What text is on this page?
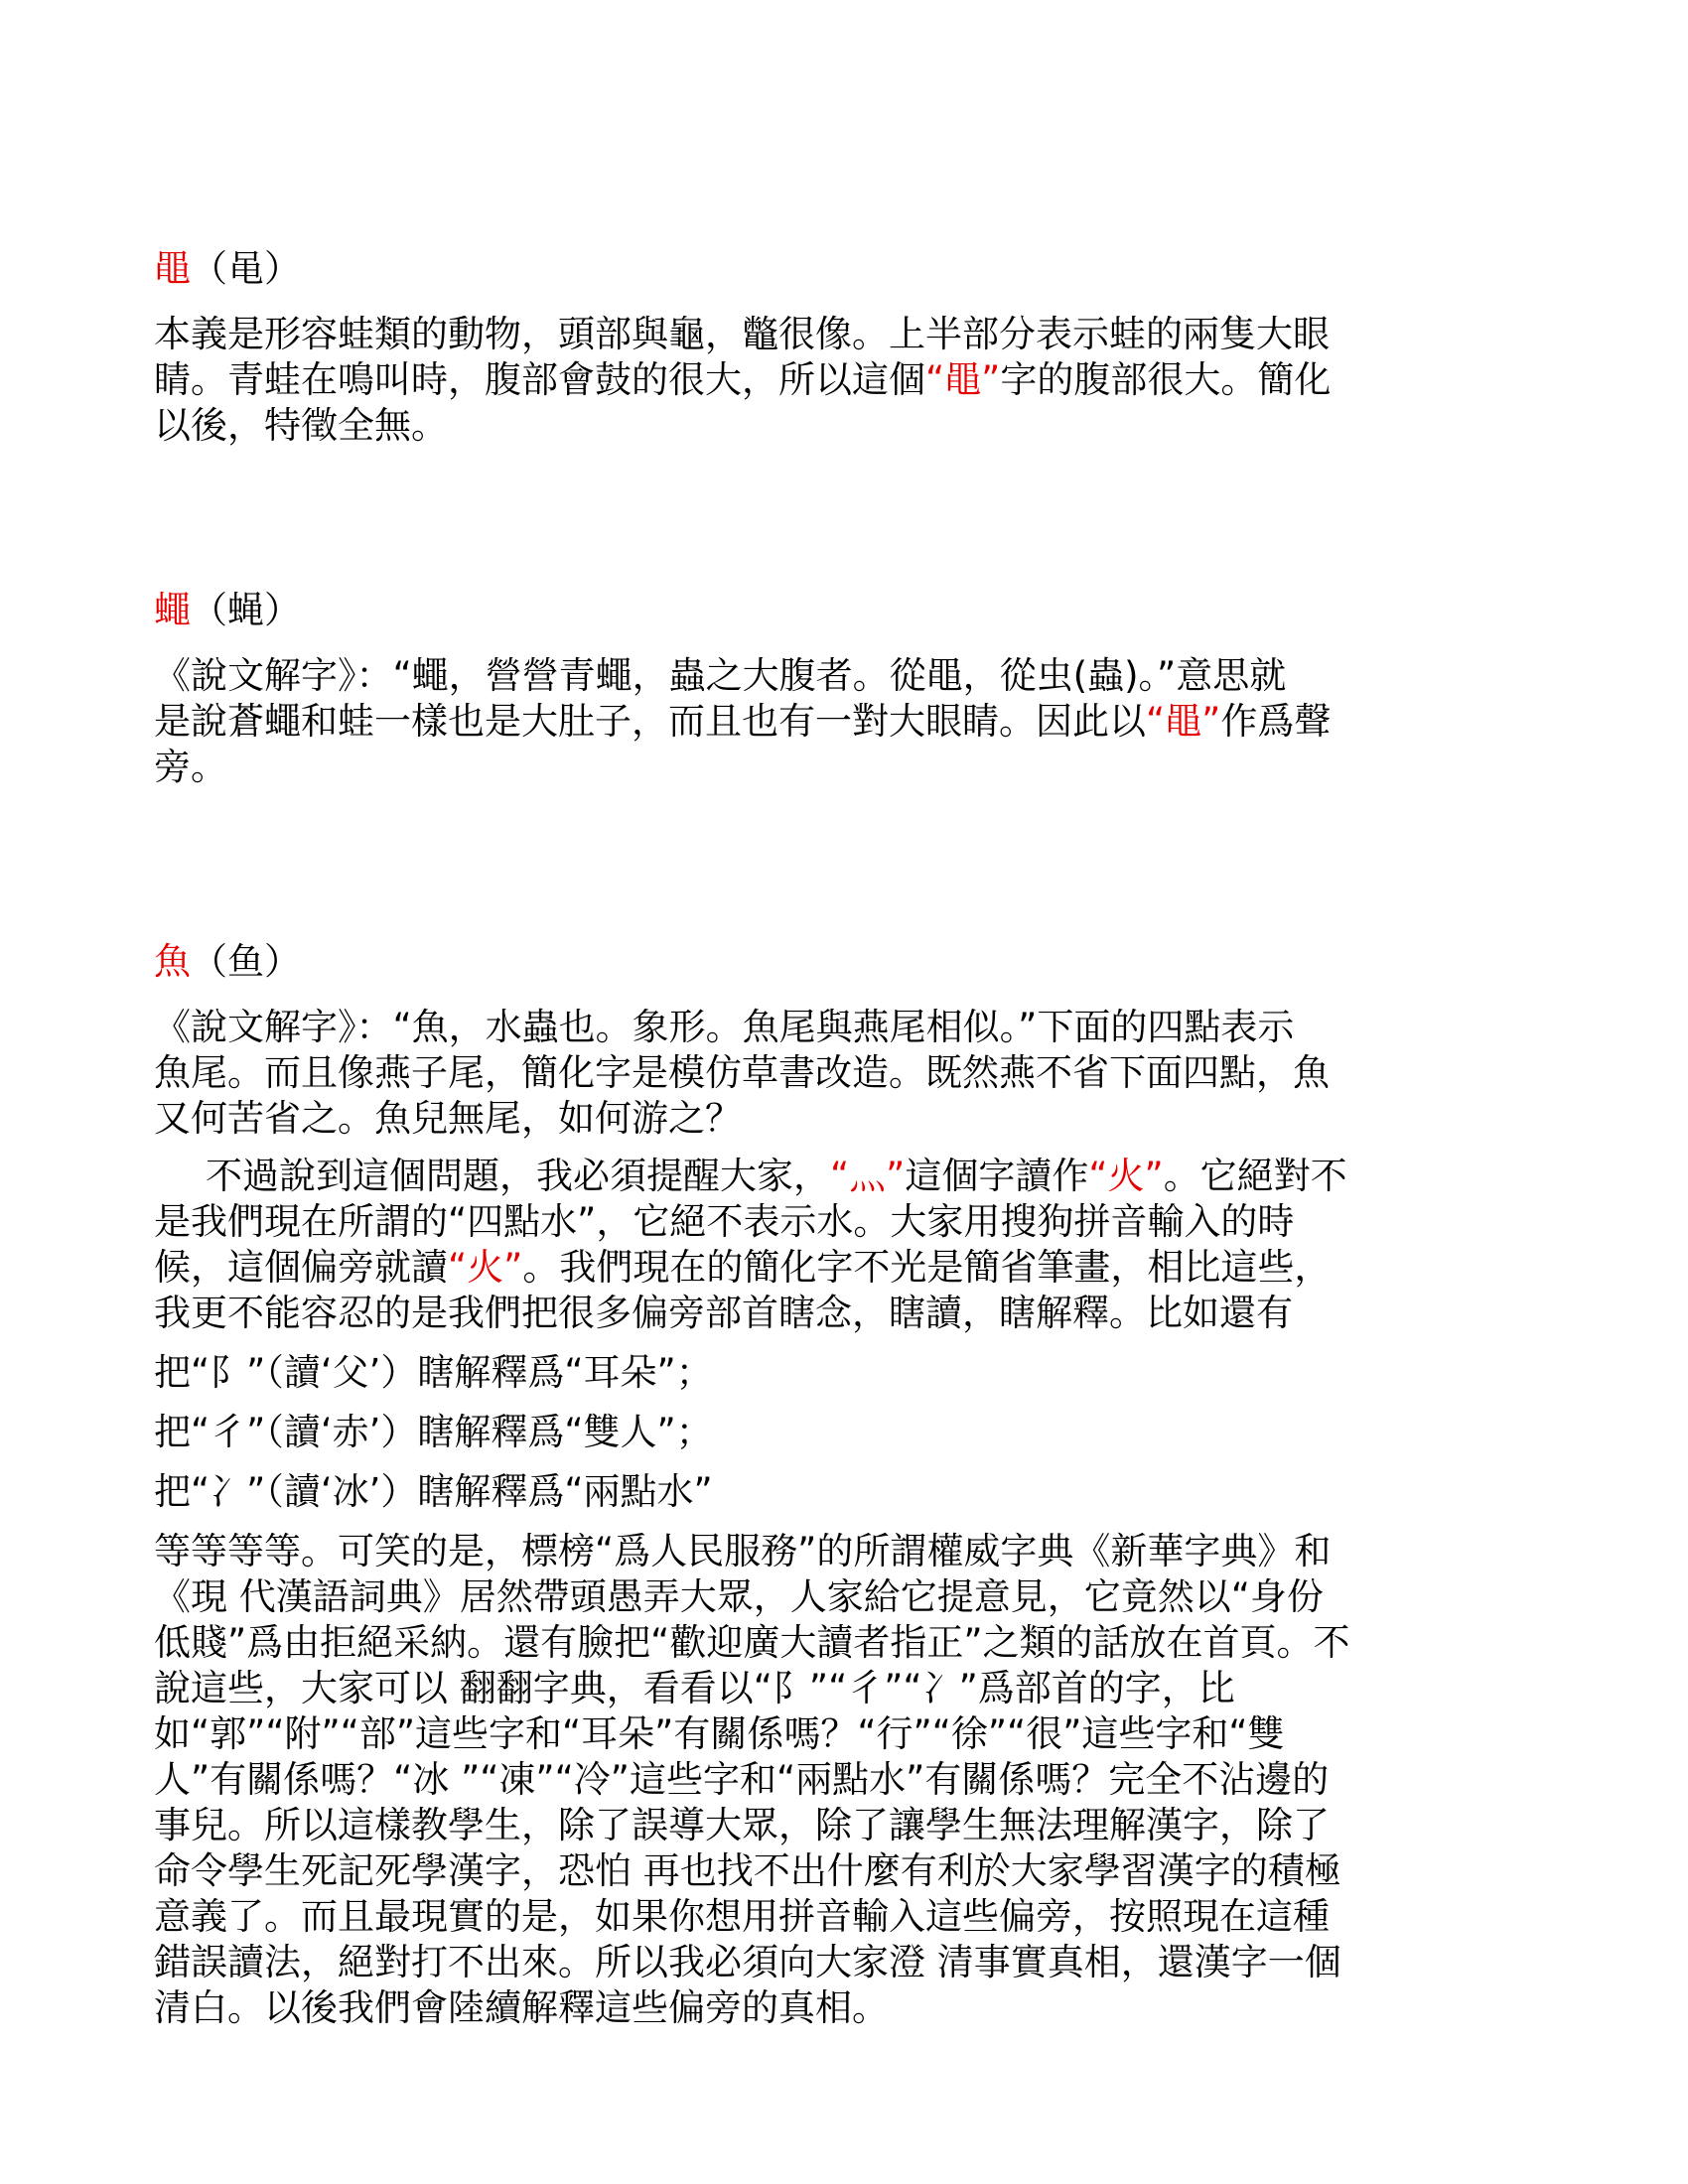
黽（黾）
本義是形容蛙類的動物，頭部與龜，鼈很像。上半部分表示蛙的兩隻大眼
睛。青蛙在鳴叫時，腹部會鼓的很大，所以這個“黽”字的腹部很大。簡化
以後，特徵全無。
蠅（蝇）
《說文解字》：“蠅，營營青蠅，蟲之大腹者。從黽，從虫(蟲)。”意思就
是說蒼蠅和蛙一樣也是大肚子，而且也有一對大眼睛。因此以“黽”作爲聲
旁。
魚（鱼）
《說文解字》：“魚，水蟲也。象形。魚尾與燕尾相似。”下面的四點表示
魚尾。而且像燕子尾，簡化字是模仿草書改造。既然燕不省下面四點，魚
又何苦省之。魚兒無尾，如何游之？
不過說到這個問題，我必須提醒大家，“灬”這個字讀作“火”。它絕對不
是我們現在所謂的“四點水”，它絕不表示水。大家用搜狗拼音輸入的時
候，這個偏旁就讀“火”。我們現在的簡化字不光是簡省筆畫，相比這些，
我更不能容忍的是我們把很多偏旁部首瞎念，瞎讀，瞎解釋。比如還有
把“阝”（讀‘父’）瞎解釋爲“耳朵”；
把“彳”（讀‘赤’）瞎解釋爲“雙人”；
把“冫”（讀‘冰’）瞎解釋爲“兩點水”
等等等等。可笑的是，標榜“爲人民服務”的所謂權威字典《新華字典》和
《現 代漢語詞典》居然帶頭愚弄大眾，人家給它提意見，它竟然以“身份
低賤”爲由拒絕采納。還有臉把“歡迎廣大讀者指正”之類的話放在首頁。不
說這些，大家可以 翻翻字典，看看以“阝”“彳”“冫”爲部首的字，比
如“郭”“附”“部”這些字和“耳朵”有關係嗎？“行”“徐”“很”這些字和“雙
人”有關係嗎？“冰 ”“凍”“冷”這些字和“兩點水”有關係嗎？完全不沾邊的
事兒。所以這樣教學生，除了誤導大眾，除了讓學生無法理解漢字，除了
命令學生死記死學漢字，恐怕 再也找不出什麼有利於大家學習漢字的積極
意義了。而且最現實的是，如果你想用拼音輸入這些偏旁，按照現在這種
錯誤讀法，絕對打不出來。所以我必須向大家澄 清事實真相，還漢字一個
清白。以後我們會陸續解釋這些偏旁的真相。
